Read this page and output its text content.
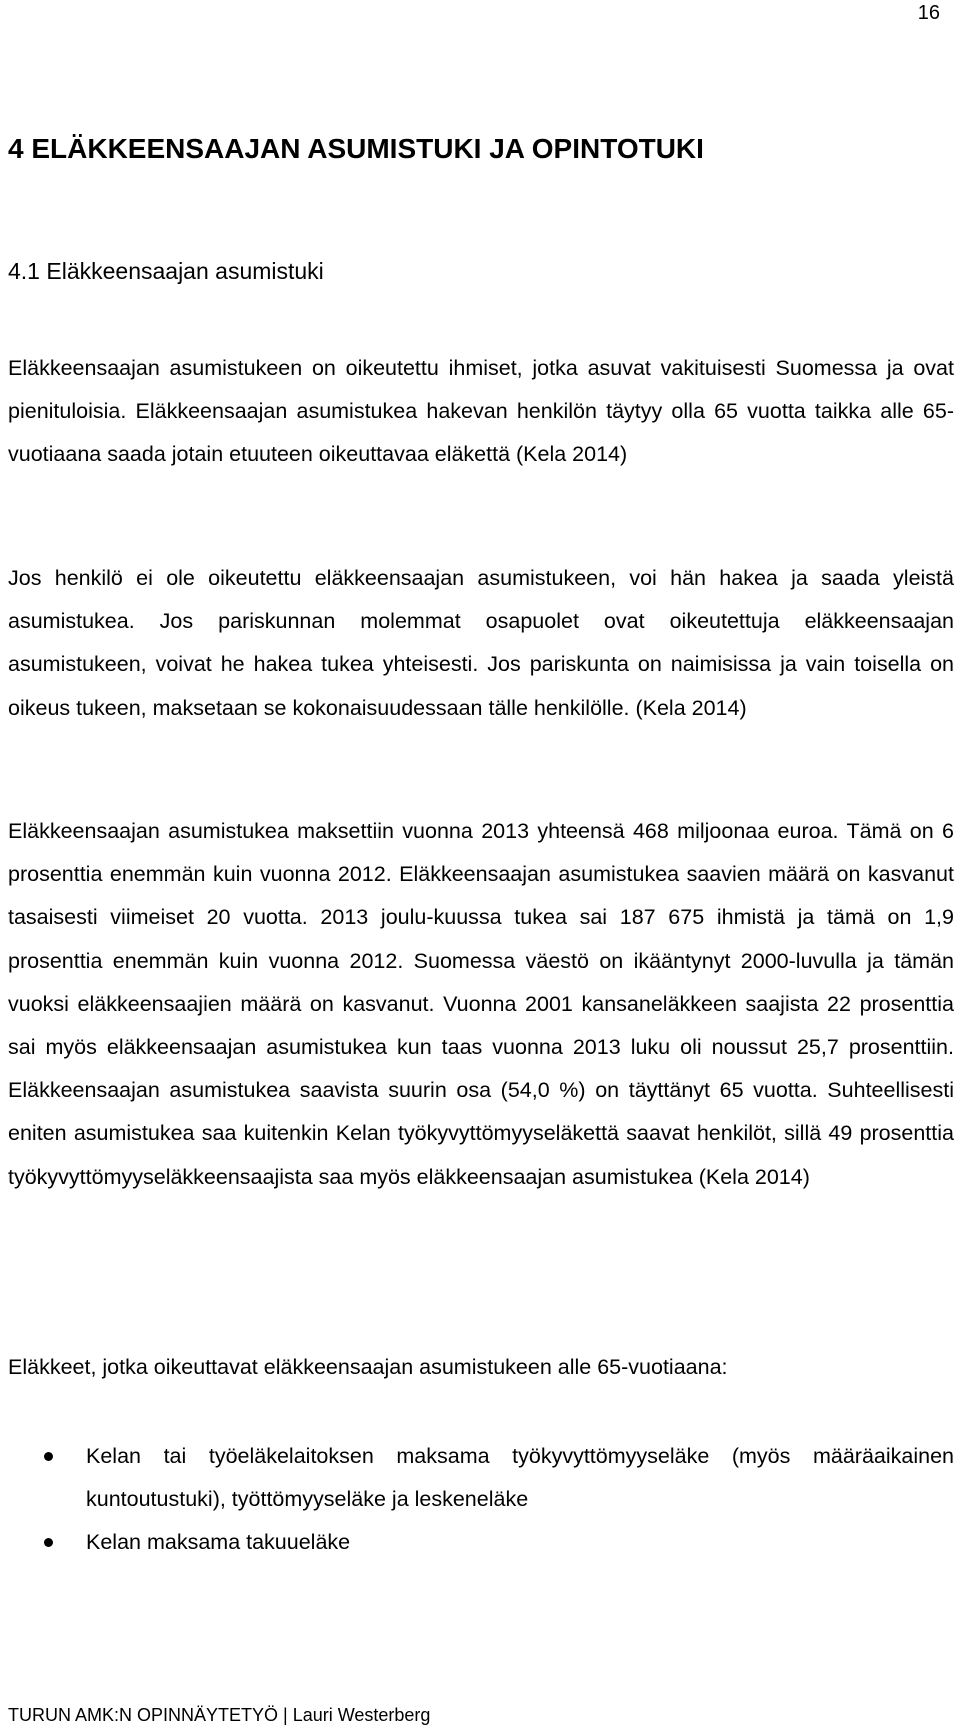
16
4 ELÄKKEENSAAJAN ASUMISTUKI JA OPINTOTUKI
4.1 Eläkkeensaajan asumistuki

Eläkkeensaajan asumistukeen on oikeutettu ihmiset, jotka asuvat vakituisesti Suomessa ja ovat pienituloisia. Eläkkeensaajan asumistukea hakevan henkilön täytyy olla 65 vuotta taikka alle 65-vuotiaana saada jotain etuuteen oikeuttavaa eläkettä (Kela 2014)

Jos henkilö ei ole oikeutettu eläkkeensaajan asumistukeen, voi hän hakea ja saada yleistä asumistukea. Jos pariskunnan molemmat osapuolet ovat oikeutettuja eläkkeensaajan asumistukeen, voivat he hakea tukea yhteisesti. Jos pariskunta on naimisissa ja vain toisella on oikeus tukeen, maksetaan se kokonaisuudessaan tälle henkilölle. (Kela 2014)

Eläkkeensaajan asumistukea maksettiin vuonna 2013 yhteensä 468 miljoonaa euroa. Tämä on 6 prosenttia enemmän kuin vuonna 2012. Eläkkeensaajan asumistukea saavien määrä on kasvanut tasaisesti viimeiset 20 vuotta. 2013 joulu-kuussa tukea sai 187 675 ihmistä ja tämä on 1,9 prosenttia enemmän kuin vuonna 2012. Suomessa väestö on ikääntynyt 2000-luvulla ja tämän vuoksi eläkkeensaajien määrä on kasvanut. Vuonna 2001 kansaneläkkeen saajista 22 prosenttia sai myös eläkkeensaajan asumistukea kun taas vuonna 2013 luku oli noussut 25,7 prosenttiin. Eläkkeensaajan asumistukea saavista suurin osa (54,0 %) on täyttänyt 65 vuotta. Suhteellisesti eniten asumistukea saa kuitenkin Kelan työkyvyttömyyseläkettä saavat henkilöt, sillä 49 prosenttia työkyvyttömyyseläkkeensaajista saa myös eläkkeensaajan asumistukea (Kela 2014)

Eläkkeet, jotka oikeuttavat eläkkeensaajan asumistukeen alle 65-vuotiaana:

Kelan tai työeläkelaitoksen maksama työkyvyttömyyseläke (myös määräaikainen kuntoutustuki), työttömyyseläke ja leskeneläke
Kelan maksama takuueläke
TURUN AMK:N OPINNÄYTETYÖ | Lauri Westerberg
